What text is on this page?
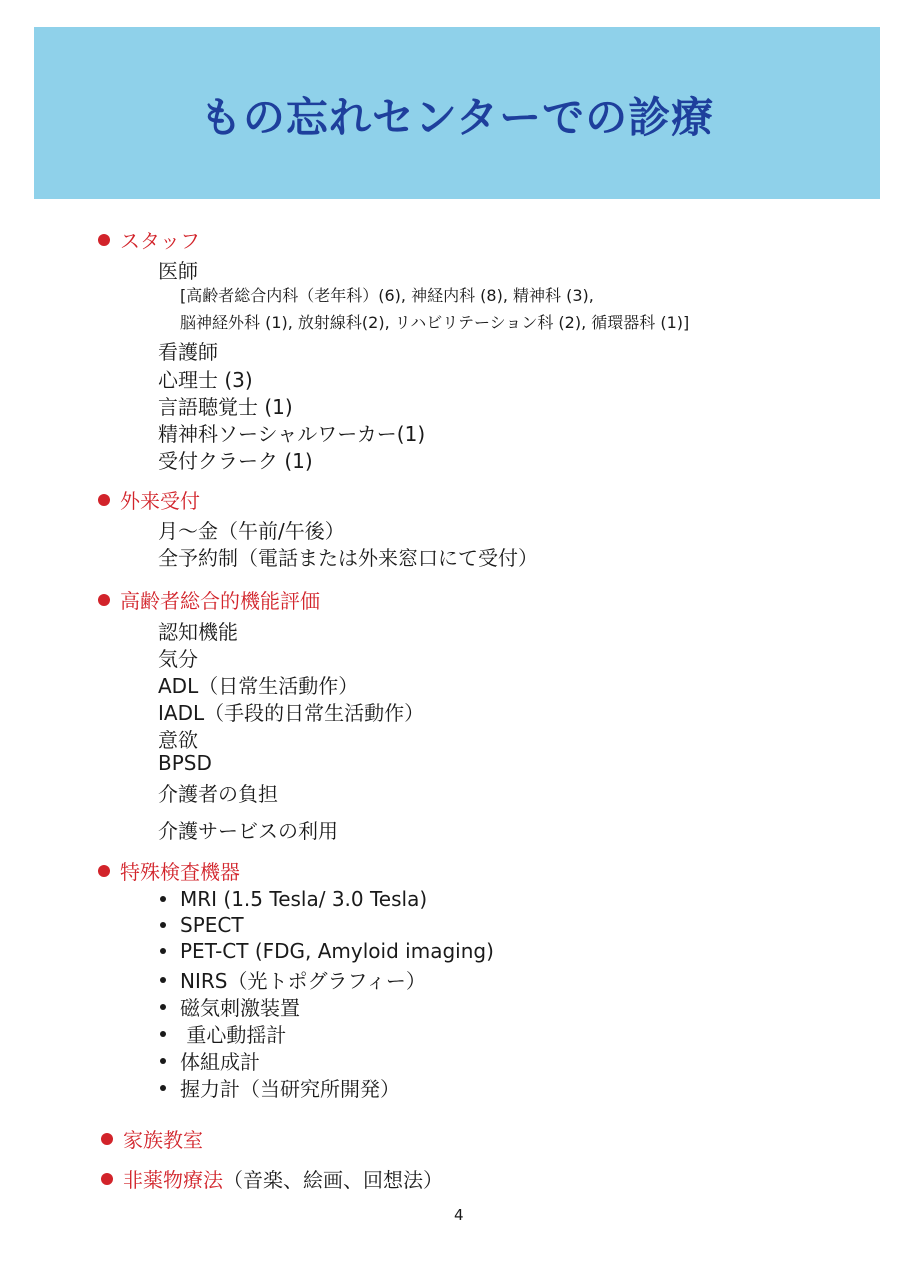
もの忘れセンターでの診療
スタッフ
医師
[高齢者総合内科（老年科）(6), 神経内科 (8), 精神科 (3),
脳神経外科 (1), 放射線科(2), リハビリテーション科 (2), 循環器科 (1)]
看護師
心理士 (3)
言語聴覚士 (1)
精神科ソーシャルワーカー(1)
受付クラーク (1)
外来受付
月～金（午前/午後）
全予約制（電話または外来窓口にて受付）
高齢者総合的機能評価
認知機能
気分
ADL（日常生活動作）
IADL（手段的日常生活動作）
意欲
BPSD
介護者の負担
介護サービスの利用
特殊検査機器
MRI (1.5 Tesla/ 3.0 Tesla)
SPECT
PET-CT (FDG, Amyloid imaging)
NIRS（光トポグラフィー）
磁気刺激装置
重心動揺計
体組成計
握力計（当研究所開発）
家族教室
非薬物療法 （音楽、絵画、回想法）
4
